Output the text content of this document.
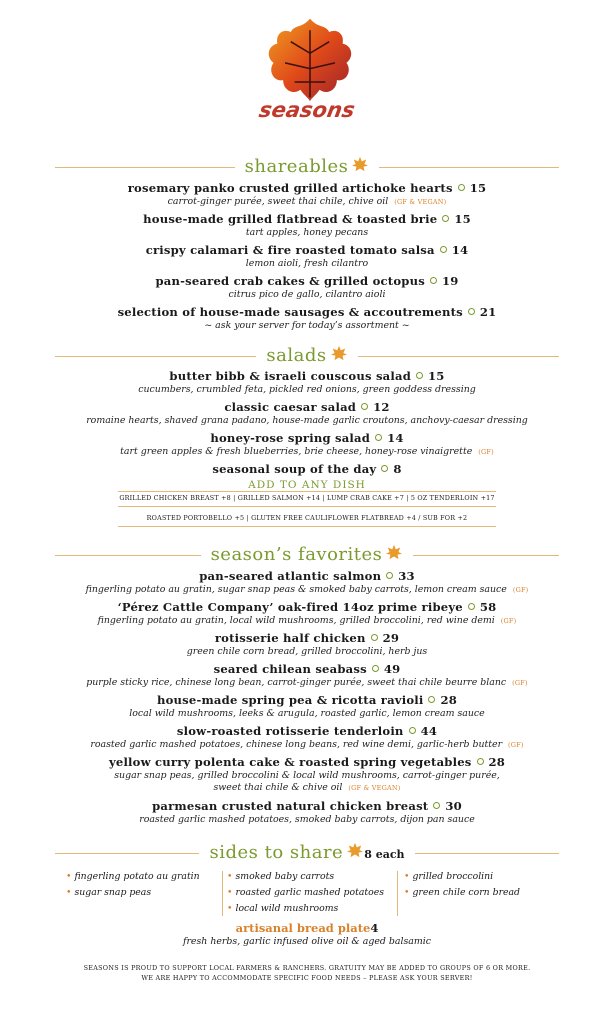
seasons
shareables
rosemary panko crusted grilled artichoke hearts 15
carrot-ginger purée, sweet thai chile, chive oil (GF & VEGAN)
house-made grilled flatbread & toasted brie 15
tart apples, honey pecans
crispy calamari & fire roasted tomato salsa 14
lemon aioli, fresh cilantro
pan-seared crab cakes & grilled octopus 19
citrus pico de gallo, cilantro aioli
selection of house-made sausages & accoutrements 21
~ ask your server for today’s assortment ~
salads
butter bibb & israeli couscous salad 15
cucumbers, crumbled feta, pickled red onions, green goddess dressing
classic caesar salad 12
romaine hearts, shaved grana padano, house-made garlic croutons, anchovy-caesar dressing
honey-rose spring salad 14
tart green apples & fresh blueberries, brie cheese, honey-rose vinaigrette (GF)
seasonal soup of the day 8
ADD TO ANY DISH
GRILLED CHICKEN BREAST +8 | GRILLED SALMON +14 | LUMP CRAB CAKE +7 | 5 OZ TENDERLOIN +17
ROASTED PORTOBELLO +5 | GLUTEN FREE CAULIFLOWER FLATBREAD +4 / SUB FOR +2
season’s favorites
pan-seared atlantic salmon 33
fingerling potato au gratin, sugar snap peas & smoked baby carrots, lemon cream sauce (GF)
‘Pérez Cattle Company’ oak-fired 14oz prime ribeye 58
fingerling potato au gratin, local wild mushrooms, grilled broccolini, red wine demi (GF)
rotisserie half chicken 29
green chile corn bread, grilled broccolini, herb jus
seared chilean seabass 49
purple sticky rice, chinese long bean, carrot-ginger purée, sweet thai chile beurre blanc (GF)
house-made spring pea & ricotta ravioli 28
local wild mushrooms, leeks & arugula, roasted garlic, lemon cream sauce
slow-roasted rotisserie tenderloin 44
roasted garlic mashed potatoes, chinese long beans, red wine demi, garlic-herb butter (GF)
yellow curry polenta cake & roasted spring vegetables 28
sugar snap peas, grilled broccolini & local wild mushrooms, carrot-ginger purée,
sweet thai chile & chive oil (GF & VEGAN)
parmesan crusted natural chicken breast 30
roasted garlic mashed potatoes, smoked baby carrots, dijon pan sauce
sides to share 8 each
• fingerling potato au gratin
• sugar snap peas
• smoked baby carrots
• roasted garlic mashed potatoes
• local wild mushrooms
• grilled broccolini
• green chile corn bread
artisanal bread plate4
fresh herbs, garlic infused olive oil & aged balsamic
SEASONS IS PROUD TO SUPPORT LOCAL FARMERS & RANCHERS. GRATUITY MAY BE ADDED TO GROUPS OF 6 OR MORE.
WE ARE HAPPY TO ACCOMMODATE SPECIFIC FOOD NEEDS – PLEASE ASK YOUR SERVER!
